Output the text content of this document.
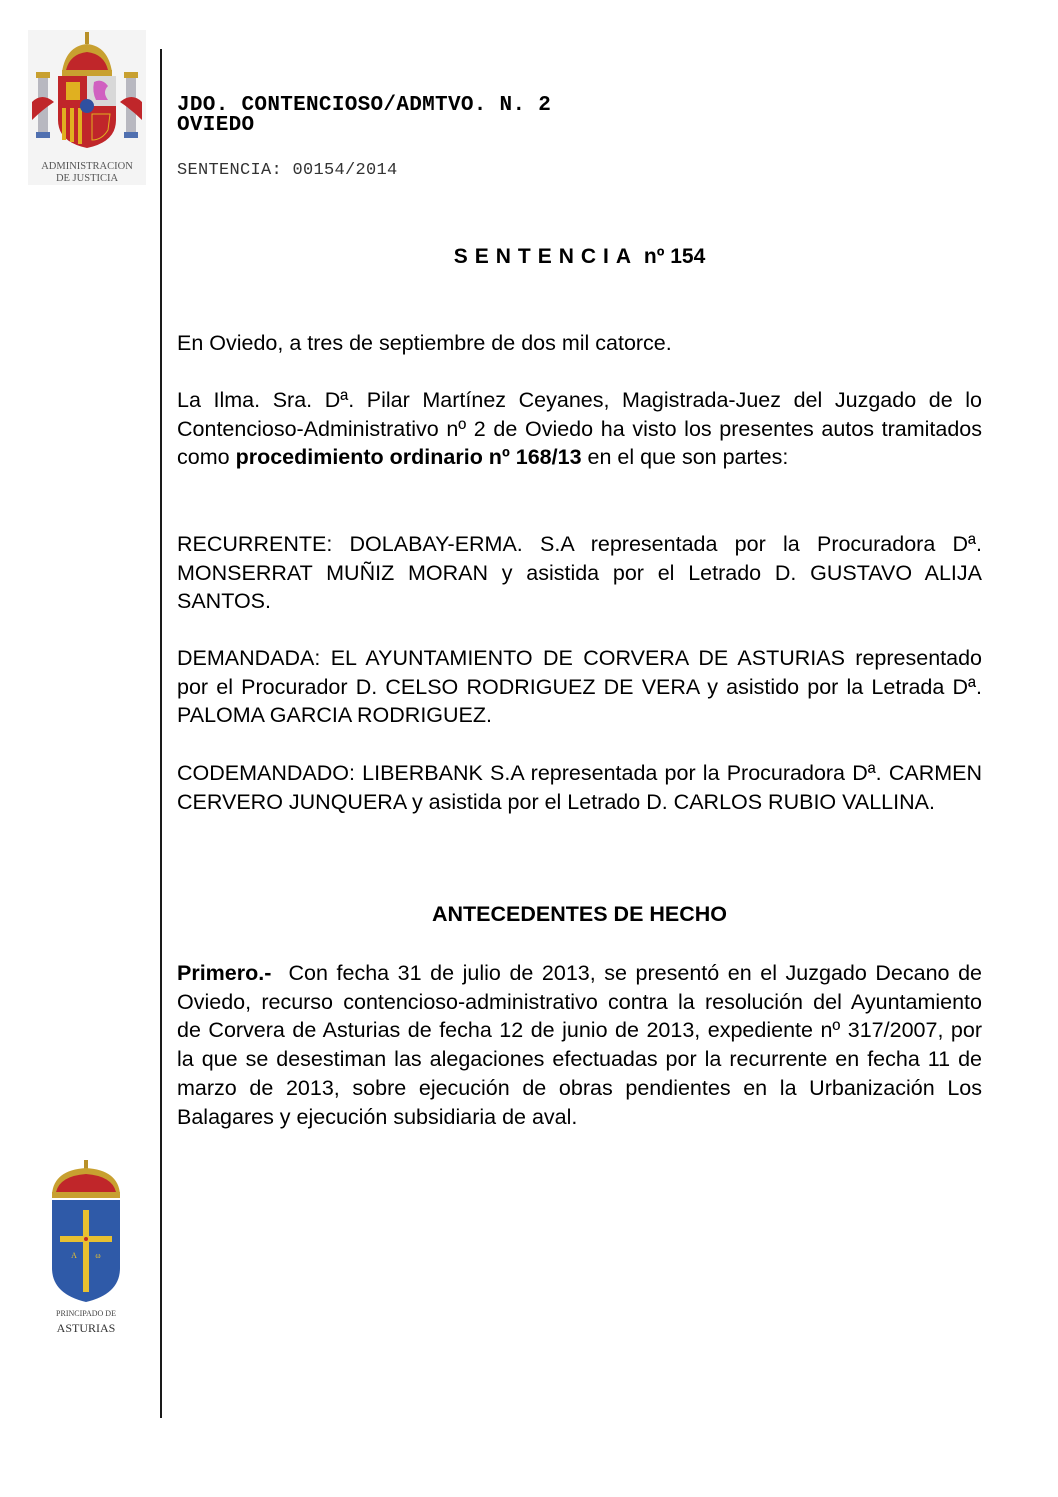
ADMINISTRACION
DE JUSTICIA
JDO. CONTENCIOSO/ADMTVO. N. 2
OVIEDO
SENTENCIA: 00154/2014
SENTENCIA nº 154
En Oviedo, a tres de septiembre de dos mil catorce.
La Ilma. Sra. Dª. Pilar Martínez Ceyanes, Magistrada-Juez del Juzgado de lo Contencioso-Administrativo nº 2 de Oviedo ha visto los presentes autos tramitados como procedimiento ordinario nº 168/13 en el que son partes:
RECURRENTE: DOLABAY-ERMA. S.A representada por la Procuradora Dª. MONSERRAT MUÑIZ MORAN y asistida por el Letrado D. GUSTAVO ALIJA SANTOS.
DEMANDADA: EL AYUNTAMIENTO DE CORVERA DE ASTURIAS representado por el Procurador D. CELSO RODRIGUEZ DE VERA y asistido por la Letrada Dª. PALOMA GARCIA RODRIGUEZ.
CODEMANDADO: LIBERBANK S.A representada por la Procuradora Dª. CARMEN CERVERO JUNQUERA y asistida por el Letrado D. CARLOS RUBIO VALLINA.
ANTECEDENTES DE HECHO
Primero.-  Con fecha 31 de julio de 2013, se presentó en el Juzgado Decano de Oviedo, recurso contencioso-administrativo contra la resolución del Ayuntamiento de Corvera de Asturias de fecha 12 de junio de 2013, expediente nº 317/2007, por la que se desestiman las alegaciones efectuadas por la recurrente en fecha 11 de marzo de 2013, sobre ejecución de obras pendientes en la Urbanización Los Balagares y ejecución subsidiaria de aval.
A ω
PRINCIPADO DE
ASTURIAS
